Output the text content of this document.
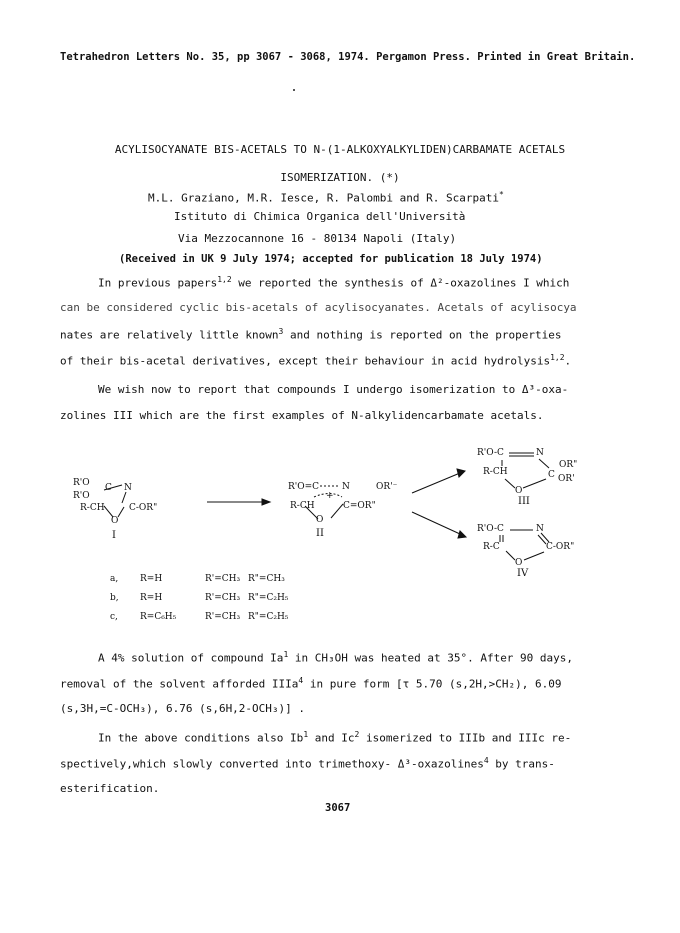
Tetrahedron Letters No. 35, pp 3067 - 3068, 1974. Pergamon Press. Printed in Great Britain.
ACYLISOCYANATE BIS-ACETALS TO N-(1-ALKOXYALKYLIDEN)CARBAMATE ACETALS
ISOMERIZATION. (*)
M.L. Graziano, M.R. Iesce, R. Palombi and R. Scarpati*
Istituto di Chimica Organica dell'Università
Via Mezzocannone 16 - 80134 Napoli (Italy)
(Received in UK 9 July 1974; accepted for publication 18 July 1974)
In previous papers$^{1,2}$ we reported the synthesis of Δ²-oxazolines I which
can be considered cyclic bis-acetals of acylisocyanates. Acetals of acylisocya
nates are relatively little known$^3$ and nothing is reported on the properties
of their bis-acetal derivatives, except their behaviour in acid hydrolysis$^{1,2}$.
We wish now to report that compounds I undergo isomerization to Δ³-oxa-
zolines III which are the first examples of N-alkylidencarbamate acetals.
R'O C N
R'O
R-CH	C-OR"
O
I
R'O=C	N	OR'⁻
+
R-CH	C=OR"
O
II
R'O-C	N
R-CH	C
OR"
OR'
O
III
R'O-C	N
R-C	C-OR"
O
IV
a, R=H	R'=CH₃ R"=CH₃
b, R=H	R'=CH₃ R"=C₂H₅
c, R=C₆H₅	R'=CH₃ R"=C₂H₅
A 4% solution of compound Ia$^1$ in CH₃OH was heated at 35°. After 90 days,
removal of the solvent afforded IIIa$^4$ in pure form [τ 5.70 (s,2H,>CH₂), 6.09
(s,3H,=C-OCH₃), 6.76 (s,6H,2-OCH₃)] .
In the above conditions also Ib$^1$ and Ic$^2$ isomerized to IIIb and IIIc re-
spectively,which slowly converted into trimethoxy- Δ³-oxazolines$^4$ by trans-
esterification.
3067
